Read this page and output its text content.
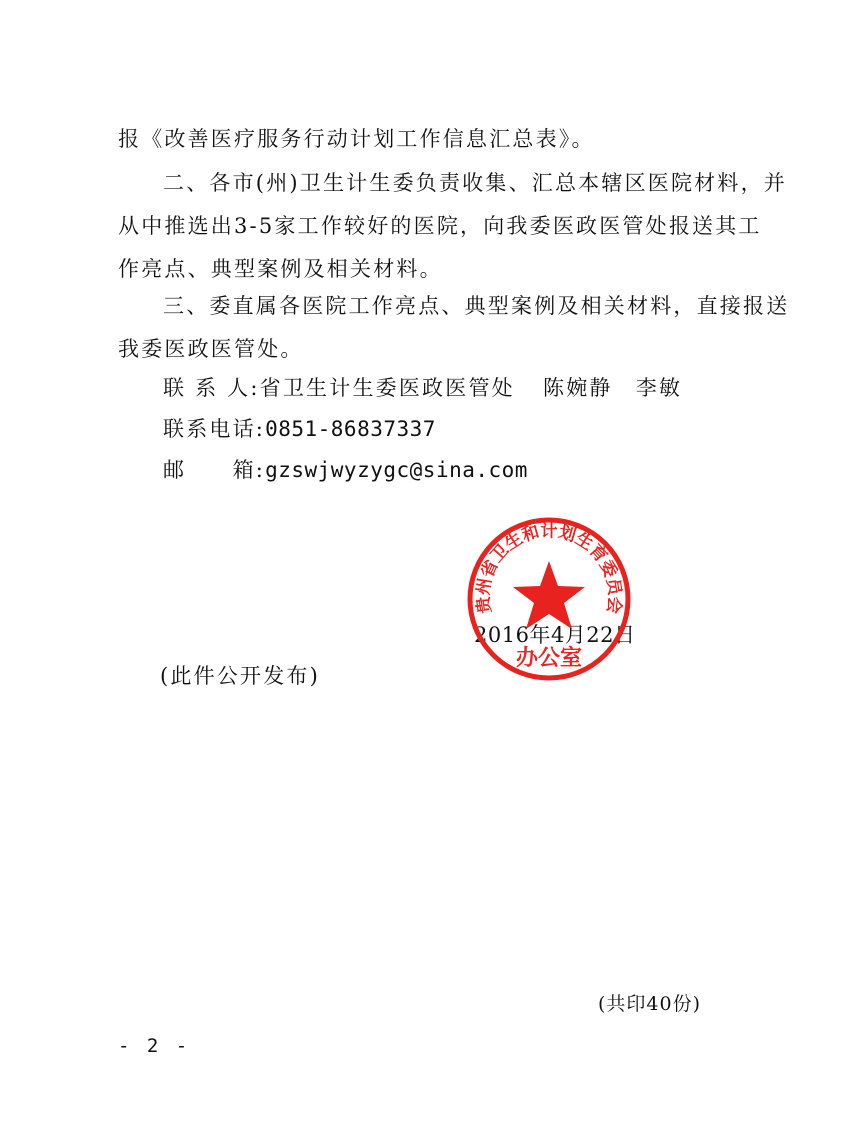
报《改善医疗服务行动计划工作信息汇总表》。
二、各市(州)卫生计生委负责收集、汇总本辖区医院材料，并
从中推选出3-5家工作较好的医院，向我委医政医管处报送其工
作亮点、典型案例及相关材料。
三、委直属各医院工作亮点、典型案例及相关材料，直接报送
我委医政医管处。
联 系 人:省卫生计生委医政医管处 陈婉静　李敏
联系电话:0851-86837337
邮　　箱:gzswjwyzygc@sina.com
2016年4月22日
贵州省卫生和计划生育委员会
办公室
(此件公开发布)
(共印40份)
- 2 -
